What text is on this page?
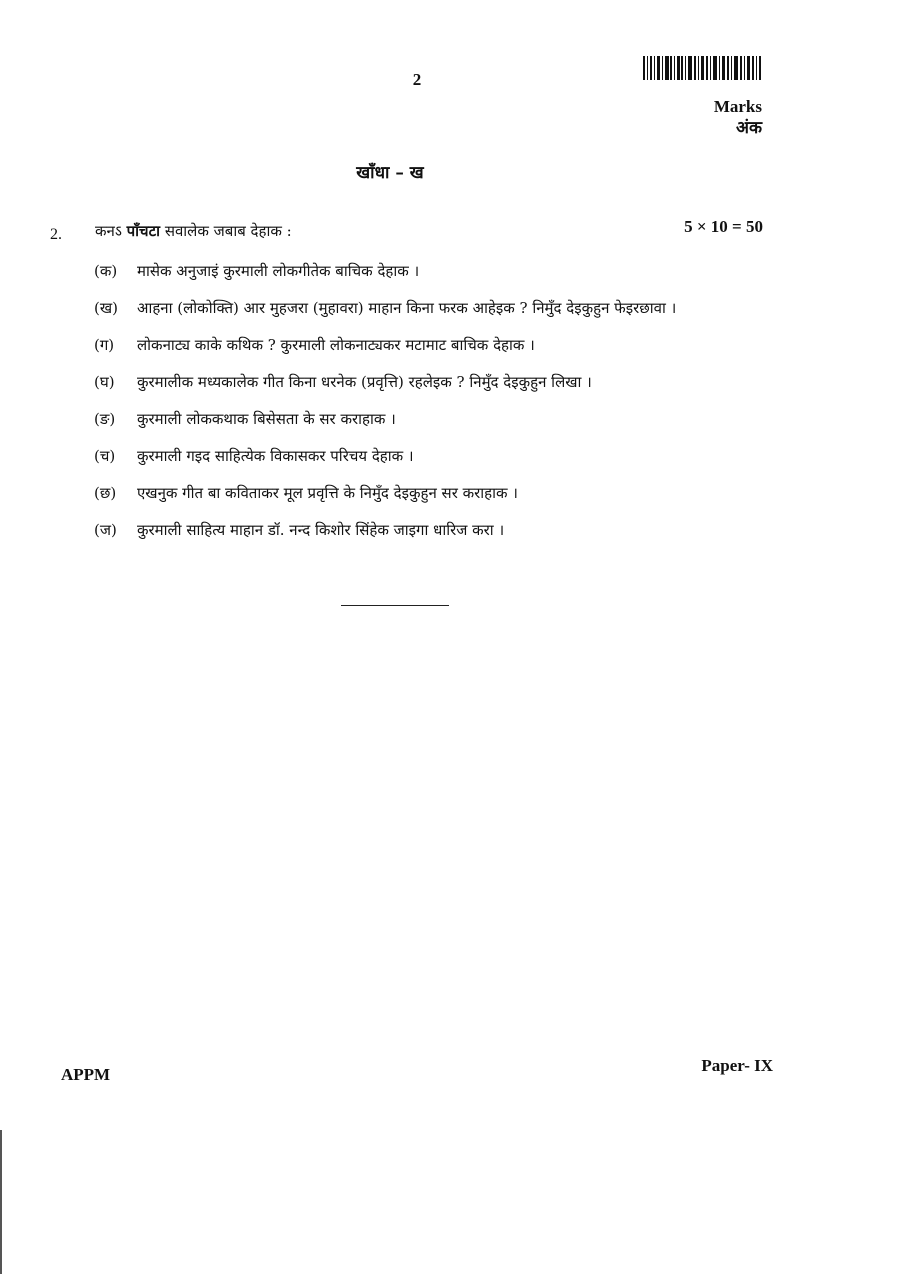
2
Marks
अंक
खाँधा – ख
2. कनऽ पाँचटा सवालेक जबाब देहाक :	5 × 10 = 50
(क)	मासेक अनुजाइं कुरमाली लोकगीतेक बाचिक देहाक ।
(ख)	आहना (लोकोक्ति) आर मुहजरा (मुहावरा) माहान किना फरक आहेइक ? निमुँद देइकुहुन फेइरछावा ।
(ग)	लोकनाट्य काके कथिक ? कुरमाली लोकनाट्यकर मटामाट बाचिक देहाक ।
(घ)	कुरमालीक मध्यकालेक गीत किना धरनेक (प्रवृत्ति) रहलेइक ? निमुँद देइकुहुन लिखा ।
(ङ)	कुरमाली लोककथाक बिसेसता के सर कराहाक ।
(च)	कुरमाली गइद साहित्येक विकासकर परिचय देहाक ।
(छ)	एखनुक गीत बा कविताकर मूल प्रवृत्ति के निमुँद देइकुहुन सर कराहाक ।
(ज)	कुरमाली साहित्य माहान डॉ. नन्द किशोर सिंहेक जाइगा धारिज करा ।
APPM	Paper- IX
